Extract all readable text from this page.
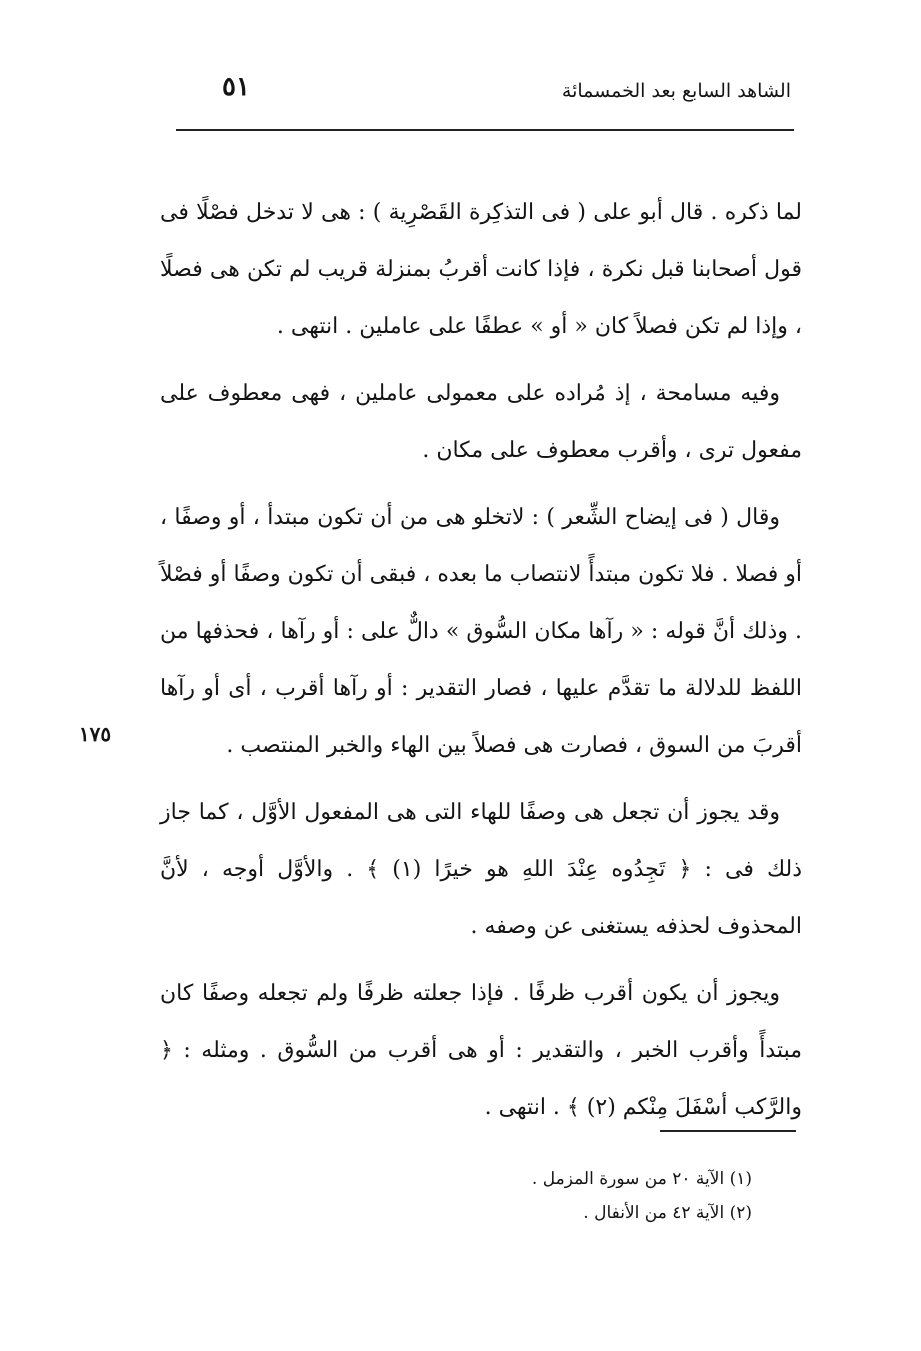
الشاهد السابع بعد الخمسمائة
٥١

لما ذكره . قال أبو على ( فى التذكِرة القَصْرِية ) : هى لا تدخل فصْلًا فى قول أصحابنا قبل نكرة ، فإذا كانت أقربُ بمنزلة قريب لم تكن هى فصلًا ، وإذا لم تكن فصلاً كان « أو » عطفًا على عاملين . انتهى .

وفيه مسامحة ، إذ مُراده على معمولى عاملين ، فهى معطوف على مفعول ترى ، وأقرب معطوف على مكان .

وقال ( فى إيضاح الشِّعر ) : لاتخلو هى من أن تكون مبتدأ ، أو وصفًا ، أو فصلا . فلا تكون مبتدأً لانتصاب ما بعده ، فبقى أن تكون وصفًا أو فصْلاً . وذلك أنَّ قوله : « رآها مكان السُّوق » دالٌّ على : أو رآها ، فحذفها من اللفظ للدلالة ما تقدَّم عليها ، فصار التقدير : أو رآها أقرب ، أى أو رآها أقربَ من السوق ، فصارت هى فصلاً بين الهاء والخبر المنتصب .

وقد يجوز أن تجعل هى وصفًا للهاء التى هى المفعول الأوَّل ، كما جاز ذلك فى : ﴿ تَجِدُوه عِنْدَ اللهِ هو خيرًا (١) ﴾ . والأوَّل أوجه ، لأنَّ المحذوف لحذفه يستغنى عن وصفه .

ويجوز أن يكون أقرب ظرفًا . فإذا جعلته ظرفًا ولم تجعله وصفًا كان مبتدأً وأقرب الخبر ، والتقدير : أو هى أقرب من السُّوق . ومثله : ﴿ والرَّكب أسْفَلَ مِنْكم (٢) ﴾ . انتهى .

١٧٥
(١) الآية ٢٠ من سورة المزمل .
(٢) الآية ٤٢ من الأنفال .
